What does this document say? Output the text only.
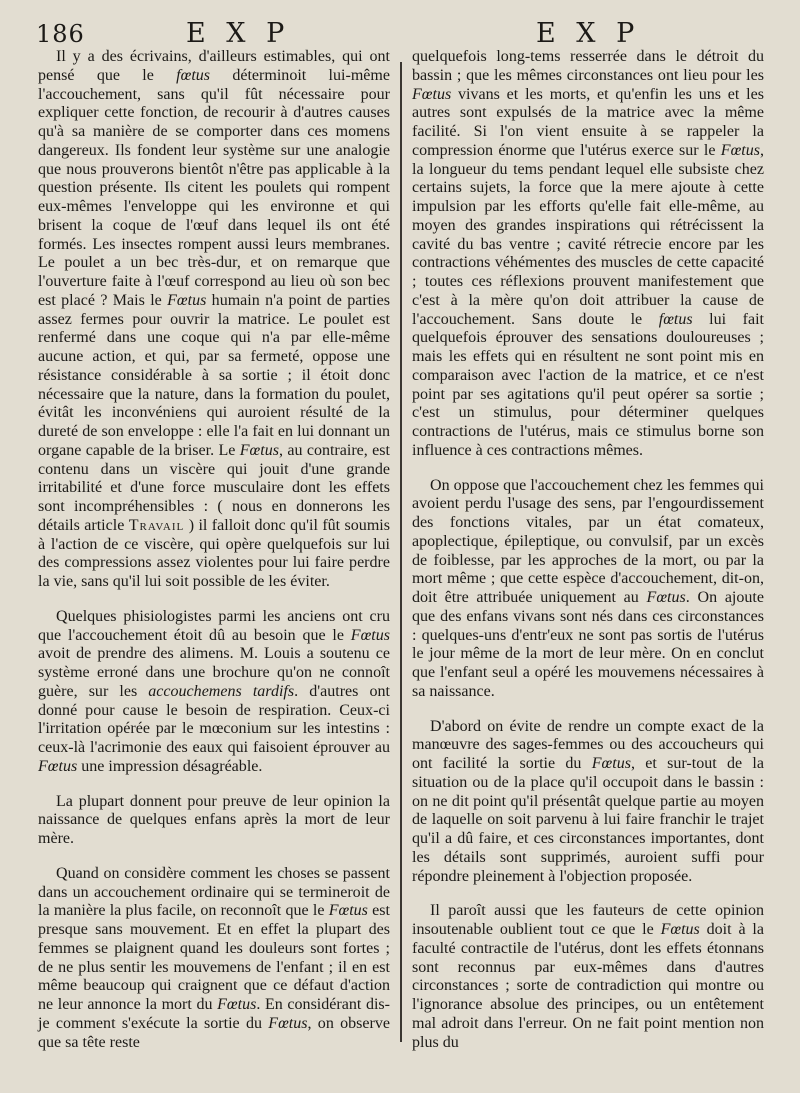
186	E X P	E X P

Il y a des écrivains, d'ailleurs estimables, qui ont pensé que le fœtus déterminoit lui-même l'accouchement, sans qu'il fût nécessaire pour expliquer cette fonction, de recourir à d'autres causes qu'à sa manière de se comporter dans ces momens dangereux. Ils fondent leur système sur une analogie que nous prouverons bientôt n'être pas applicable à la question présente. Ils citent les poulets qui rompent eux-mêmes l'enveloppe qui les environne et qui brisent la coque de l'œuf dans lequel ils ont été formés. Les insectes rompent aussi leurs membranes. Le poulet a un bec très-dur, et on remarque que l'ouverture faite à l'œuf correspond au lieu où son bec est placé ? Mais le Fœtus humain n'a point de parties assez fermes pour ouvrir la matrice. Le poulet est renfermé dans une coque qui n'a par elle-même aucune action, et qui, par sa fermeté, oppose une résistance considérable à sa sortie ; il étoit donc nécessaire que la nature, dans la formation du poulet, évitât les inconvéniens qui auroient résulté de la dureté de son enveloppe : elle l'a fait en lui donnant un organe capable de la briser. Le Fœtus, au contraire, est contenu dans un viscère qui jouit d'une grande irritabilité et d'une force musculaire dont les effets sont incompréhensibles : ( nous en donnerons les détails article Travail ) il falloit donc qu'il fût soumis à l'action de ce viscère, qui opère quelquefois sur lui des compressions assez violentes pour lui faire perdre la vie, sans qu'il lui soit possible de les éviter.

Quelques phisiologistes parmi les anciens ont cru que l'accouchement étoit dû au besoin que le Fœtus avoit de prendre des alimens. M. Louis a soutenu ce système erroné dans une brochure qu'on ne connoît guère, sur les accouchemens tardifs. d'autres ont donné pour cause le besoin de respiration. Ceux-ci l'irritation opérée par le mœconium sur les intestins : ceux-là l'acrimonie des eaux qui faisoient éprouver au Fœtus une impression désagréable.

La plupart donnent pour preuve de leur opinion la naissance de quelques enfans après la mort de leur mère.

Quand on considère comment les choses se passent dans un accouchement ordinaire qui se termineroit de la manière la plus facile, on reconnoît que le Fœtus est presque sans mouvement. Et en effet la plupart des femmes se plaignent quand les douleurs sont fortes ; de ne plus sentir les mouvemens de l'enfant ; il en est même beaucoup qui craignent que ce défaut d'action ne leur annonce la mort du Fœtus. En considérant dis-je comment s'exécute la sortie du Fœtus, on observe que sa tête reste

quelquefois long-tems resserrée dans le détroit du bassin ; que les mêmes circonstances ont lieu pour les Fœtus vivans et les morts, et qu'enfin les uns et les autres sont expulsés de la matrice avec la même facilité. Si l'on vient ensuite à se rappeler la compression énorme que l'utérus exerce sur le Fœtus, la longueur du tems pendant lequel elle subsiste chez certains sujets, la force que la mere ajoute à cette impulsion par les efforts qu'elle fait elle-même, au moyen des grandes inspirations qui rétrécissent la cavité du bas ventre ; cavité rétrecie encore par les contractions véhémentes des muscles de cette capacité ; toutes ces réflexions prouvent manifestement que c'est à la mère qu'on doit attribuer la cause de l'accouchement. Sans doute le fœtus lui fait quelquefois éprouver des sensations douloureuses ; mais les effets qui en résultent ne sont point mis en comparaison avec l'action de la matrice, et ce n'est point par ses agitations qu'il peut opérer sa sortie ; c'est un stimulus, pour déterminer quelques contractions de l'utérus, mais ce stimulus borne son influence à ces contractions mêmes.

On oppose que l'accouchement chez les femmes qui avoient perdu l'usage des sens, par l'engourdissement des fonctions vitales, par un état comateux, apoplectique, épileptique, ou convulsif, par un excès de foiblesse, par les approches de la mort, ou par la mort même ; que cette espèce d'accouchement, dit-on, doit être attribuée uniquement au Fœtus. On ajoute que des enfans vivans sont nés dans ces circonstances : quelques-uns d'entr'eux ne sont pas sortis de l'utérus le jour même de la mort de leur mère. On en conclut que l'enfant seul a opéré les mouvemens nécessaires à sa naissance.

D'abord on évite de rendre un compte exact de la manœuvre des sages-femmes ou des accoucheurs qui ont facilité la sortie du Fœtus, et sur-tout de la situation ou de la place qu'il occupoit dans le bassin : on ne dit point qu'il présentât quelque partie au moyen de laquelle on soit parvenu à lui faire franchir le trajet qu'il a dû faire, et ces circonstances importantes, dont les détails sont supprimés, auroient suffi pour répondre pleinement à l'objection proposée.

Il paroît aussi que les fauteurs de cette opinion insoutenable oublient tout ce que le Fœtus doit à la faculté contractile de l'utérus, dont les effets étonnans sont reconnus par eux-mêmes dans d'autres circonstances ; sorte de contradiction qui montre ou l'ignorance absolue des principes, ou un entêtement mal adroit dans l'erreur. On ne fait point mention non plus du
